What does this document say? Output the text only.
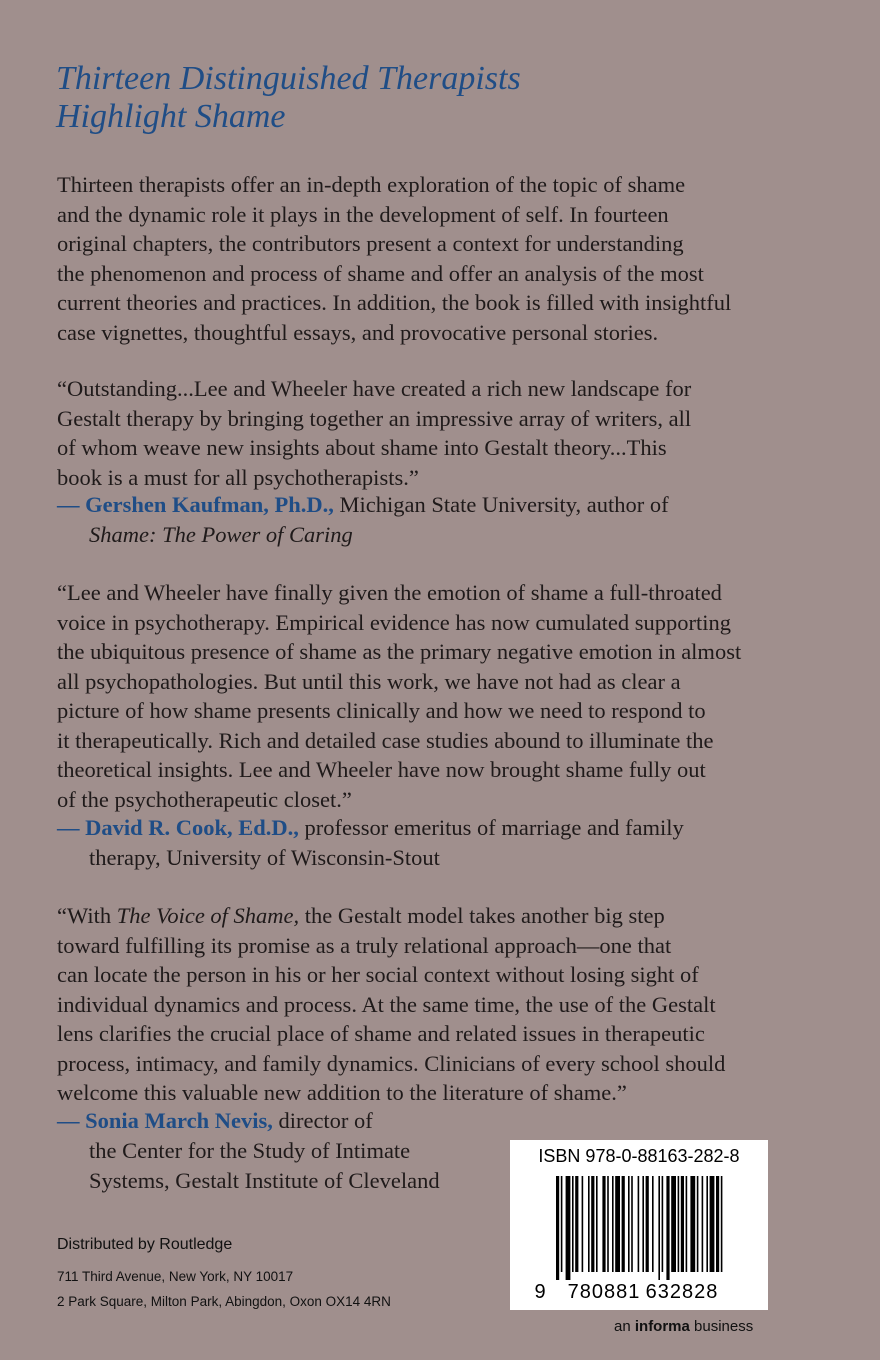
Thirteen Distinguished Therapists
Highlight Shame

Thirteen therapists offer an in-depth exploration of the topic of shame
and the dynamic role it plays in the development of self. In fourteen
original chapters, the contributors present a context for understanding
the phenomenon and process of shame and offer an analysis of the most
current theories and practices. In addition, the book is filled with insightful
case vignettes, thoughtful essays, and provocative personal stories.

“Outstanding...Lee and Wheeler have created a rich new landscape for
Gestalt therapy by bringing together an impressive array of writers, all
of whom weave new insights about shame into Gestalt theory...This
book is a must for all psychotherapists.”

— Gershen Kaufman, Ph.D., Michigan State University, author of
Shame: The Power of Caring

“Lee and Wheeler have finally given the emotion of shame a full-throated
voice in psychotherapy. Empirical evidence has now cumulated supporting
the ubiquitous presence of shame as the primary negative emotion in almost
all psychopathologies. But until this work, we have not had as clear a
picture of how shame presents clinically and how we need to respond to
it therapeutically. Rich and detailed case studies abound to illuminate the
theoretical insights. Lee and Wheeler have now brought shame fully out
of the psychotherapeutic closet.”

— David R. Cook, Ed.D., professor emeritus of marriage and family
therapy, University of Wisconsin-Stout

“With The Voice of Shame, the Gestalt model takes another big step
toward fulfilling its promise as a truly relational approach—one that
can locate the person in his or her social context without losing sight of
individual dynamics and process. At the same time, the use of the Gestalt
lens clarifies the crucial place of shame and related issues in therapeutic
process, intimacy, and family dynamics. Clinicians of every school should
welcome this valuable new addition to the literature of shame.”

— Sonia March Nevis, director of
the Center for the Study of Intimate
Systems, Gestalt Institute of Cleveland

Distributed by Routledge

711 Third Avenue, New York, NY 10017

2 Park Square, Milton Park, Abingdon, Oxon OX14 4RN

ISBN 978-0-88163-282-8
9 780881 632828

an informa business
